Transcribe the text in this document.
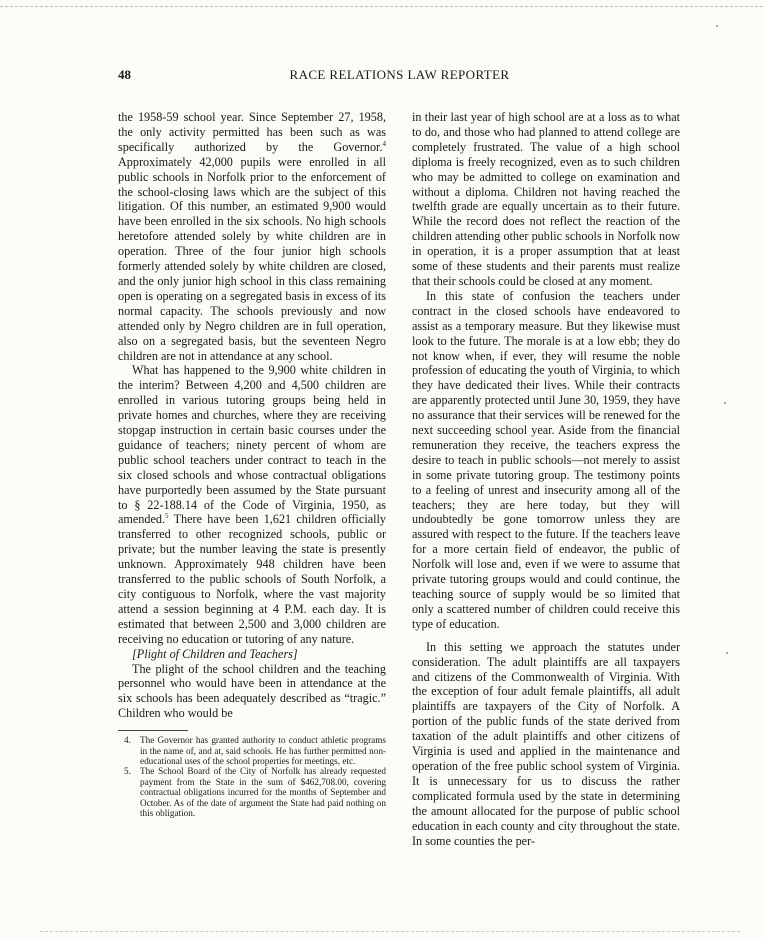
48	RACE RELATIONS LAW REPORTER

the 1958-59 school year. Since September 27, 1958, the only activity permitted has been such as was specifically authorized by the Governor.$^4$ Approximately 42,000 pupils were enrolled in all public schools in Norfolk prior to the enforcement of the school-closing laws which are the subject of this litigation. Of this number, an estimated 9,900 would have been enrolled in the six schools. No high schools heretofore attended solely by white children are in operation. Three of the four junior high schools formerly attended solely by white children are closed, and the only junior high school in this class remaining open is operating on a segregated basis in excess of its normal capacity. The schools previously and now attended only by Negro children are in full operation, also on a segregated basis, but the seventeen Negro children are not in attendance at any school.

What has happened to the 9,900 white children in the interim? Between 4,200 and 4,500 children are enrolled in various tutoring groups being held in private homes and churches, where they are receiving stopgap instruction in certain basic courses under the guidance of teachers; ninety percent of whom are public school teachers under contract to teach in the six closed schools and whose contractual obligations have purportedly been assumed by the State pursuant to § 22-188.14 of the Code of Virginia, 1950, as amended.$^5$ There have been 1,621 children officially transferred to other recognized schools, public or private; but the number leaving the state is presently unknown. Approximately 948 children have been transferred to the public schools of South Norfolk, a city contiguous to Norfolk, where the vast majority attend a session beginning at 4 P.M. each day. It is estimated that between 2,500 and 3,000 children are receiving no education or tutoring of any nature.

[Plight of Children and Teachers]

The plight of the school children and the teaching personnel who would have been in attendance at the six schools has been adequately described as “tragic.” Children who would be

4. The Governor has granted authority to conduct athletic programs in the name of, and at, said schools. He has further permitted non-educational uses of the school properties for meetings, etc.
5. The School Board of the City of Norfolk has already requested payment from the State in the sum of $462,708.00, covering contractual obligations incurred for the months of September and October. As of the date of argument the State had paid nothing on this obligation.

in their last year of high school are at a loss as to what to do, and those who had planned to attend college are completely frustrated. The value of a high school diploma is freely recognized, even as to such children who may be admitted to college on examination and without a diploma. Children not having reached the twelfth grade are equally uncertain as to their future. While the record does not reflect the reaction of the children attending other public schools in Norfolk now in operation, it is a proper assumption that at least some of these students and their parents must realize that their schools could be closed at any moment.

In this state of confusion the teachers under contract in the closed schools have endeavored to assist as a temporary measure. But they likewise must look to the future. The morale is at a low ebb; they do not know when, if ever, they will resume the noble profession of educating the youth of Virginia, to which they have dedicated their lives. While their contracts are apparently protected until June 30, 1959, they have no assurance that their services will be renewed for the next succeeding school year. Aside from the financial remuneration they receive, the teachers express the desire to teach in public schools—not merely to assist in some private tutoring group. The testimony points to a feeling of unrest and insecurity among all of the teachers; they are here today, but they will undoubtedly be gone tomorrow unless they are assured with respect to the future. If the teachers leave for a more certain field of endeavor, the public of Norfolk will lose and, even if we were to assume that private tutoring groups would and could continue, the teaching source of supply would be so limited that only a scattered number of children could receive this type of education.

In this setting we approach the statutes under consideration. The adult plaintiffs are all taxpayers and citizens of the Commonwealth of Virginia. With the exception of four adult female plaintiffs, all adult plaintiffs are taxpayers of the City of Norfolk. A portion of the public funds of the state derived from taxation of the adult plaintiffs and other citizens of Virginia is used and applied in the maintenance and operation of the free public school system of Virginia. It is unnecessary for us to discuss the rather complicated formula used by the state in determining the amount allocated for the purpose of public school education in each county and city throughout the state. In some counties the per-
